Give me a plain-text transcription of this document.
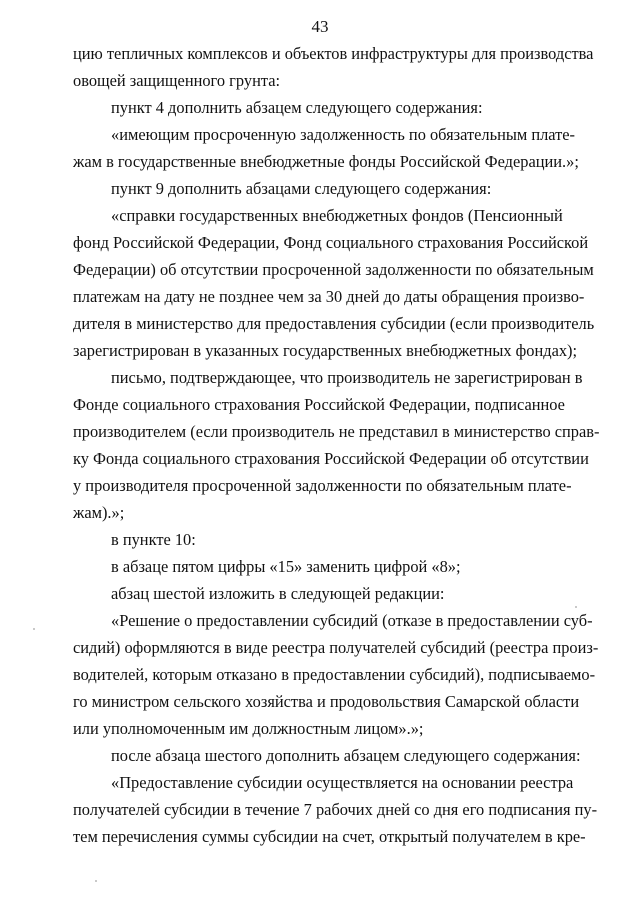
43
цию тепличных комплексов и объектов инфраструктуры для производства
овощей защищенного грунта:
пункт 4 дополнить абзацем следующего содержания:
«имеющим просроченную задолженность по обязательным плате-
жам в государственные внебюджетные фонды Российской Федерации.»;
пункт 9 дополнить абзацами следующего содержания:
«справки государственных внебюджетных фондов (Пенсионный
фонд Российской Федерации, Фонд социального страхования Российской
Федерации) об отсутствии просроченной задолженности по обязательным
платежам на дату не позднее чем за 30 дней до даты обращения произво-
дителя в министерство для предоставления субсидии (если производитель
зарегистрирован в указанных государственных внебюджетных фондах);
письмо, подтверждающее, что производитель не зарегистрирован в
Фонде социального страхования Российской Федерации, подписанное
производителем (если производитель не представил в министерство справ-
ку Фонда социального страхования Российской Федерации об отсутствии
у производителя просроченной задолженности по обязательным плате-
жам).»;
в пункте 10:
в абзаце пятом цифры «15» заменить цифрой «8»;
абзац шестой изложить в следующей редакции:
«Решение о предоставлении субсидий (отказе в предоставлении суб-
сидий) оформляются в виде реестра получателей субсидий (реестра произ-
водителей, которым отказано в предоставлении субсидий), подписываемо-
го министром сельского хозяйства и продовольствия Самарской области
или уполномоченным им должностным лицом».»;
после абзаца шестого дополнить абзацем следующего содержания:
«Предоставление субсидии осуществляется на основании реестра
получателей субсидии в течение 7 рабочих дней со дня его подписания пу-
тем перечисления суммы субсидии на счет, открытый получателем в кре-
